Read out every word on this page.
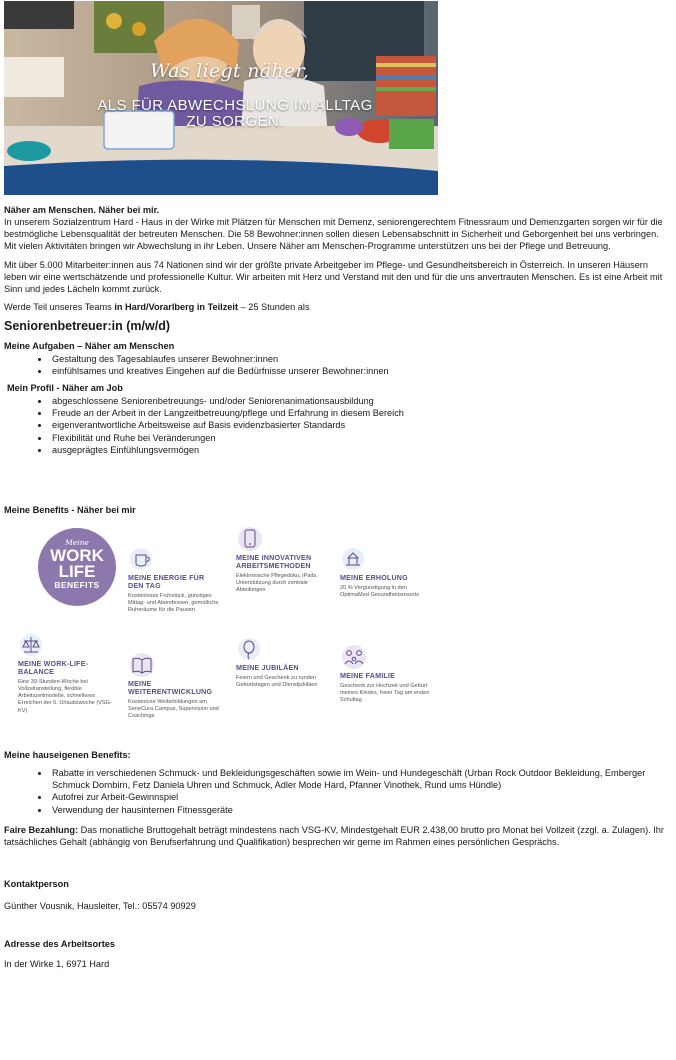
Was liegt näher,
ALS FÜR ABWECHSLUNG IM ALLTAG ZU SORGEN.

Näher am Menschen. Näher bei mir.

In unserem Sozialzentrum Hard - Haus in der Wirke mit Plätzen für Menschen mit Demenz, seniorengerechtem Fitnessraum und Demenzgarten sorgen wir für die bestmögliche Lebensqualität der betreuten Menschen. Die 58 Bewohner:innen sollen diesen Lebensabschnitt in Sicherheit und Geborgenheit bei uns verbringen. Mit vielen Aktivitäten bringen wir Abwechslung in ihr Leben. Unsere Näher am Menschen-Programme unterstützen uns bei der Pflege und Betreuung.

Mit über 5.000 Mitarbeiter:innen aus 74 Nationen sind wir der größte private Arbeitgeber im Pflege- und Gesundheitsbereich in Österreich. In unseren Häusern leben wir eine wertschätzende und professionelle Kultur. Wir arbeiten mit Herz und Verstand mit den und für die uns anvertrauten Menschen. Es ist eine Arbeit mit Sinn und jedes Lächeln kommt zurück.

Werde Teil unseres Teams in Hard/Vorarlberg in Teilzeit – 25 Stunden als

Seniorenbetreuer:in (m/w/d)

Meine Aufgaben – Näher am Menschen
• Gestaltung des Tagesablaufes unserer Bewohner:innen
• einfühlsames und kreatives Eingehen auf die Bedürfnisse unserer Bewohner:innen
Mein Profil - Näher am Job
• abgeschlossene Seniorenbetreuungs- und/oder Seniorenanimationsausbildung
• Freude an der Arbeit in der Langzeitbetreuung/pflege und Erfahrung in diesem Bereich
• eigenverantwortliche Arbeitsweise auf Basis evidenzbasierter Standards
• Flexibilität und Ruhe bei Veränderungen
• ausgeprägtes Einfühlungsvermögen
Meine Benefits - Näher bei mir
Meine
WORK
LIFE
BENEFITS
MEINE ENERGIE FÜR DEN TAG
Kostenloses Frühstück, günstiges Mittag- und Abendessen, gemütliche Ruheräume für die Pausen
MEINE INNOVATIVEN ARBEITSMETHODEN
Elektronische Pflegedoku, iPads, Unterstützung durch zentrale Abteilungen
MEINE ERHOLUNG
20 % Vergünstigung in den OptimaMed Gesundheitsresorts
MEINE WORK-LIFE-BALANCE
Eine 39-Stunden-Woche bei Vollzeitanstellung, flexible Arbeitszeitmodelle, schnelleres Erreichen der 6. Urlaubswoche (VSG-KV)
MEINE WEITERENTWICKLUNG
Kostenlose Weiterbildungen am SeneCura Campus, Supervision und Coachings
MEINE JUBILÄEN
Feiern und Geschenk zu runden Geburtstagen und Dienstjubiläen
MEINE FAMILIE
Geschenk zur Hochzeit und Geburt meines Kindes, freier Tag am ersten Schultag
Meine hauseigenen Benefits:
• Rabatte in verschiedenen Schmuck- und Bekleidungsgeschäften sowie im Wein- und Hundegeschäft (Urban Rock Outdoor Bekleidung, Emberger Schmuck Dornbirn, Fetz Daniela Uhren und Schmuck, Adler Mode Hard, Pfanner Vinothek, Rund ums Hündle)
• Autofrei zur Arbeit-Gewinnspiel
• Verwendung der hausinternen Fitnessgeräte

Faire Bezahlung: Das monatliche Bruttogehalt beträgt mindestens nach VSG-KV, Mindestgehalt EUR 2.438,00 brutto pro Monat bei Vollzeit (zzgl. a. Zulagen). Ihr tatsächliches Gehalt (abhängig von Berufserfahrung und Qualifikation) besprechen wir gerne im Rahmen eines persönlichen Gesprächs.

Kontaktperson

Günther Vousnik, Hausleiter, Tel.: 05574 90929

Adresse des Arbeitsortes

In der Wirke 1, 6971 Hard
